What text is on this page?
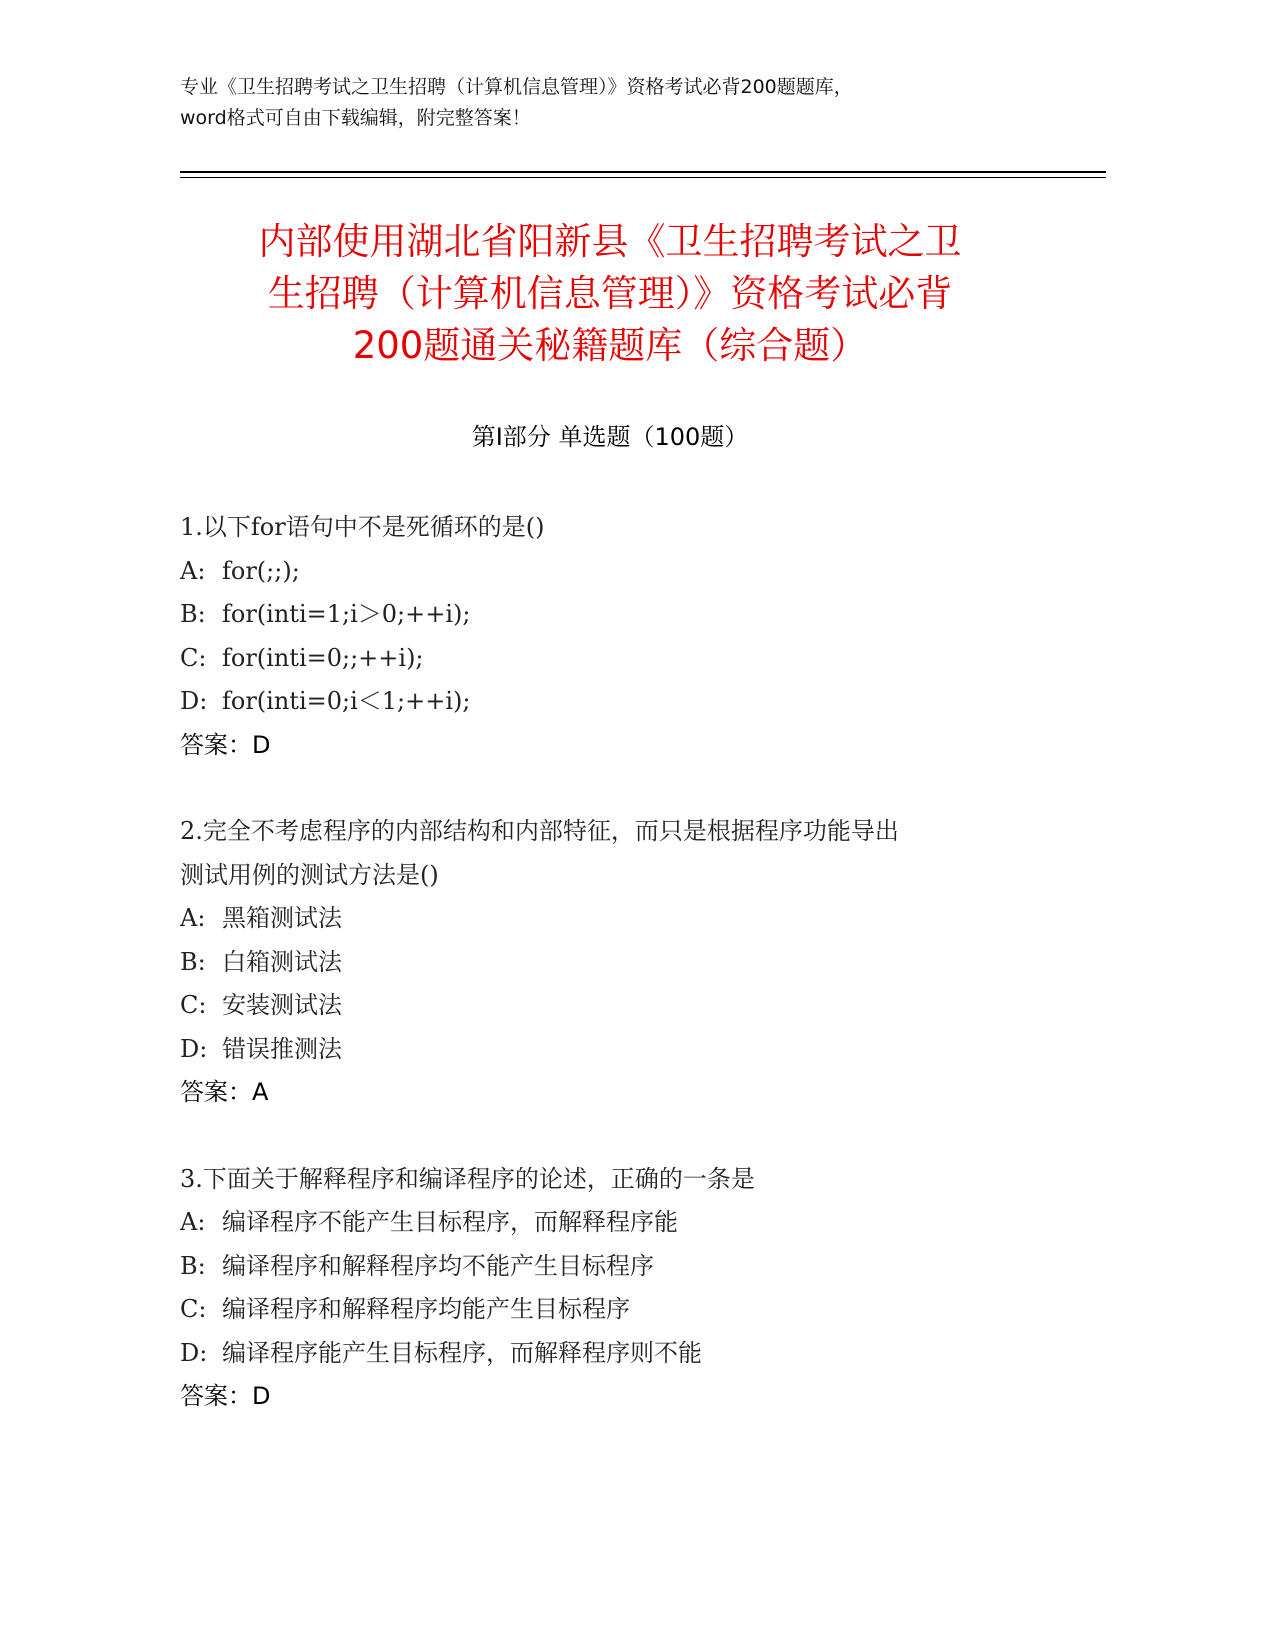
专业《卫生招聘考试之卫生招聘（计算机信息管理）》资格考试必背200题题库，
word格式可自由下载编辑，附完整答案！
内部使用湖北省阳新县《卫生招聘考试之卫
生招聘（计算机信息管理）》资格考试必背
200题通关秘籍题库（综合题）
第Ⅰ部分 单选题（100题）
1.以下for语句中不是死循环的是()
A: for(;;);
B: for(inti=1;i＞0;++i);
C: for(inti=0;;++i);
D: for(inti=0;i＜1;++i);
答案：D
2.完全不考虑程序的内部结构和内部特征，而只是根据程序功能导出
测试用例的测试方法是()
A: 黑箱测试法
B: 白箱测试法
C: 安装测试法
D: 错误推测法
答案：A
3.下面关于解释程序和编译程序的论述，正确的一条是
A: 编译程序不能产生目标程序，而解释程序能
B: 编译程序和解释程序均不能产生目标程序
C: 编译程序和解释程序均能产生目标程序
D: 编译程序能产生目标程序，而解释程序则不能
答案：D
